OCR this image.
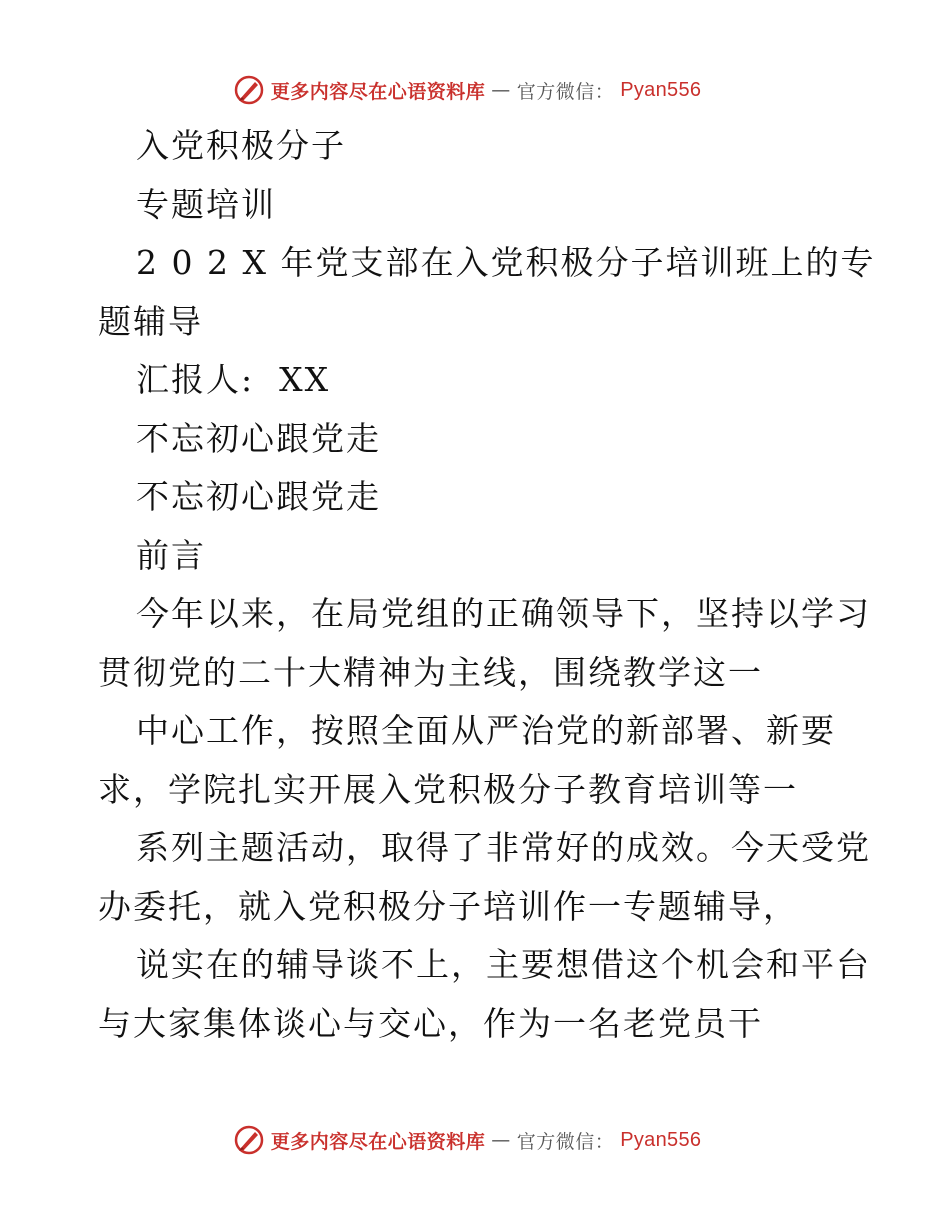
更多内容尽在心语资料库 — 官方微信： Pyan556
入党积极分子
专题培训
2 0 2 X 年党支部在入党积极分子培训班上的专
题辅导
汇报人:  XX
不忘初心跟党走
不忘初心跟党走
前言
今年以来，在局党组的正确领导下，坚持以学习
贯彻党的二十大精神为主线，围绕教学这一
中心工作，按照全面从严治党的新部署、新要
求，学院扎实开展入党积极分子教育培训等一
系列主题活动，取得了非常好的成效。今天受党
办委托，就入党积极分子培训作一专题辅导，
说实在的辅导谈不上，主要想借这个机会和平台
与大家集体谈心与交心，作为一名老党员干
更多内容尽在心语资料库 — 官方微信： Pyan556
